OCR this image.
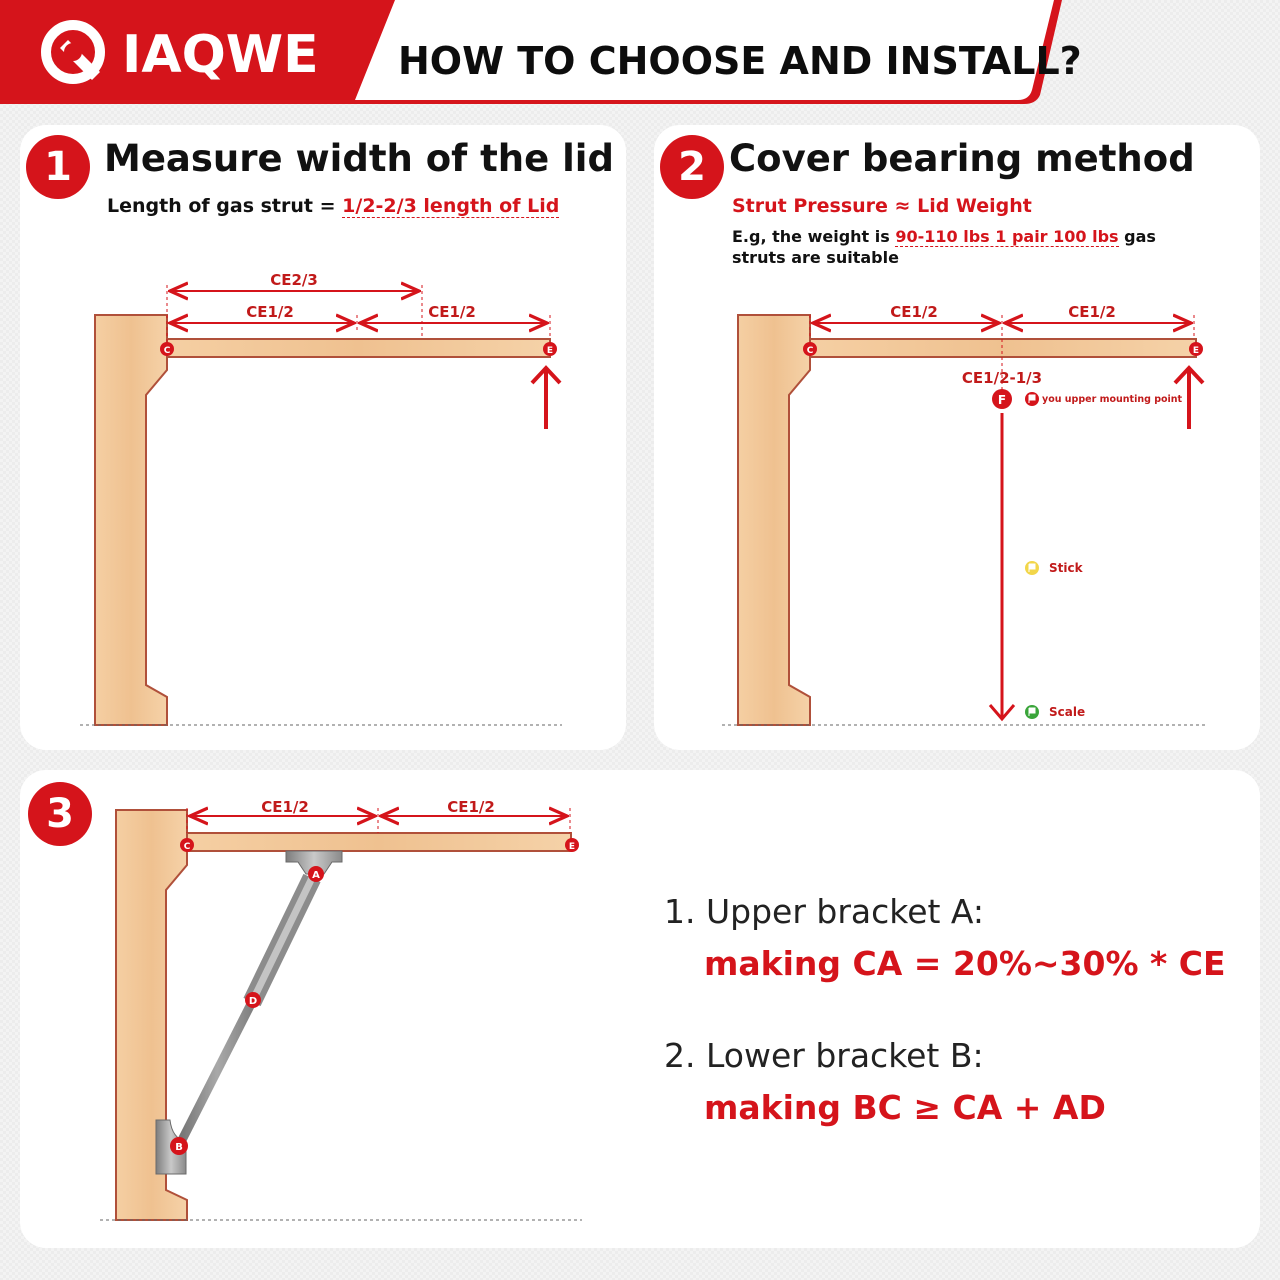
IAQWE HOW TO CHOOSE AND INSTALL?
1 Measure width of the lid
Length of gas strut = 1/2-2/3 length of Lid
CE2/3
CE1/2	CE1/2
C	E
2 Cover bearing method
Strut Pressure ≈ Lid Weight
E.g, the weight is 90-110 lbs 1 pair 100 lbs gas struts are suitable
CE1/2	CE1/2
CE1/2-1/3
C	E
F	you upper mounting point
Stick
Scale
3	CE1/2	CE1/2
C	E
A
D
B
1. Upper bracket A:
making CA = 20%~30% * CE
2. Lower bracket B:
making BC ≥ CA + AD
